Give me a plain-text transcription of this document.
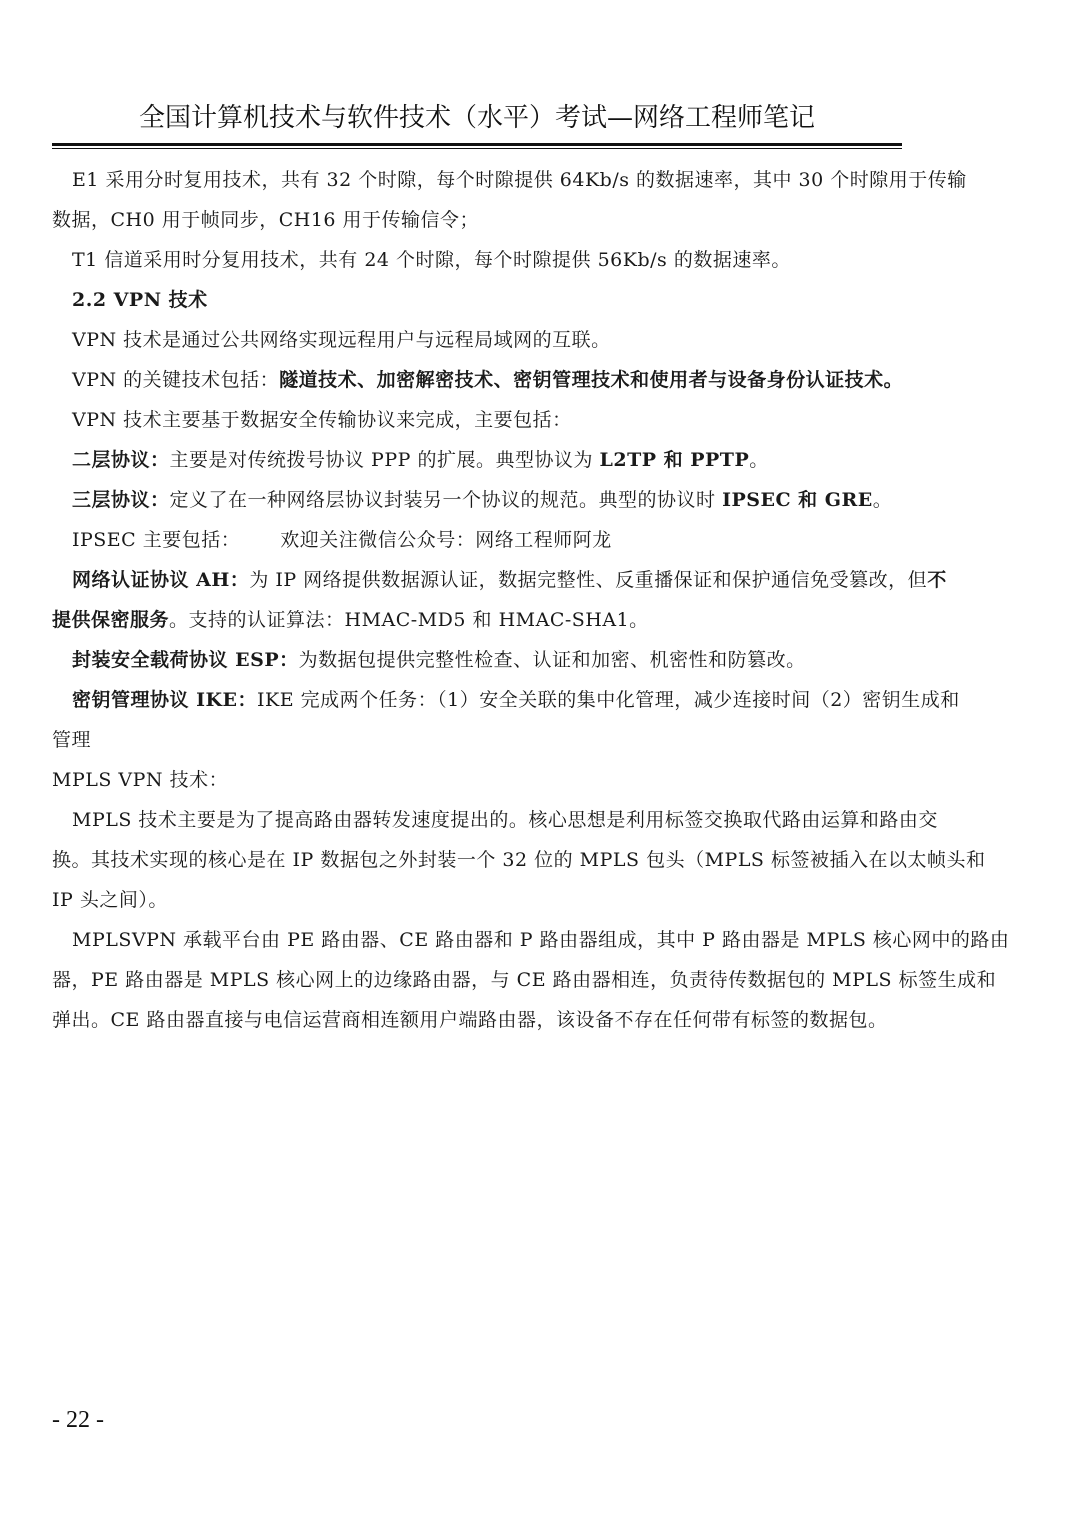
全国计算机技术与软件技术（水平）考试—网络工程师笔记

E1 采用分时复用技术，共有 32 个时隙，每个时隙提供 64Kb/s 的数据速率，其中 30 个时隙用于传输

数据，CH0 用于帧同步，CH16 用于传输信令；

T1 信道采用时分复用技术，共有 24 个时隙，每个时隙提供 56Kb/s 的数据速率。

2.2 VPN 技术

VPN 技术是通过公共网络实现远程用户与远程局域网的互联。

VPN 的关键技术包括：隧道技术、加密解密技术、密钥管理技术和使用者与设备身份认证技术。

VPN 技术主要基于数据安全传输协议来完成，主要包括：

二层协议：主要是对传统拨号协议 PPP 的扩展。典型协议为 L2TP 和 PPTP。

三层协议：定义了在一种网络层协议封装另一个协议的规范。典型的协议时 IPSEC 和 GRE。

IPSEC 主要包括： 欢迎关注微信公众号：网络工程师阿龙

网络认证协议 AH：为 IP 网络提供数据源认证，数据完整性、反重播保证和保护通信免受篡改，但不

提供保密服务。支持的认证算法：HMAC-MD5 和 HMAC-SHA1。

封装安全载荷协议 ESP：为数据包提供完整性检查、认证和加密、机密性和防篡改。

密钥管理协议 IKE：IKE 完成两个任务：（1）安全关联的集中化管理，减少连接时间（2）密钥生成和

管理

MPLS VPN 技术：

MPLS 技术主要是为了提高路由器转发速度提出的。核心思想是利用标签交换取代路由运算和路由交

换。其技术实现的核心是在 IP 数据包之外封装一个 32 位的 MPLS 包头（MPLS 标签被插入在以太帧头和

IP 头之间）。

MPLSVPN 承载平台由 PE 路由器、CE 路由器和 P 路由器组成，其中 P 路由器是 MPLS 核心网中的路由

器，PE 路由器是 MPLS 核心网上的边缘路由器，与 CE 路由器相连，负责待传数据包的 MPLS 标签生成和

弹出。CE 路由器直接与电信运营商相连额用户端路由器，该设备不存在任何带有标签的数据包。

- 22 -
